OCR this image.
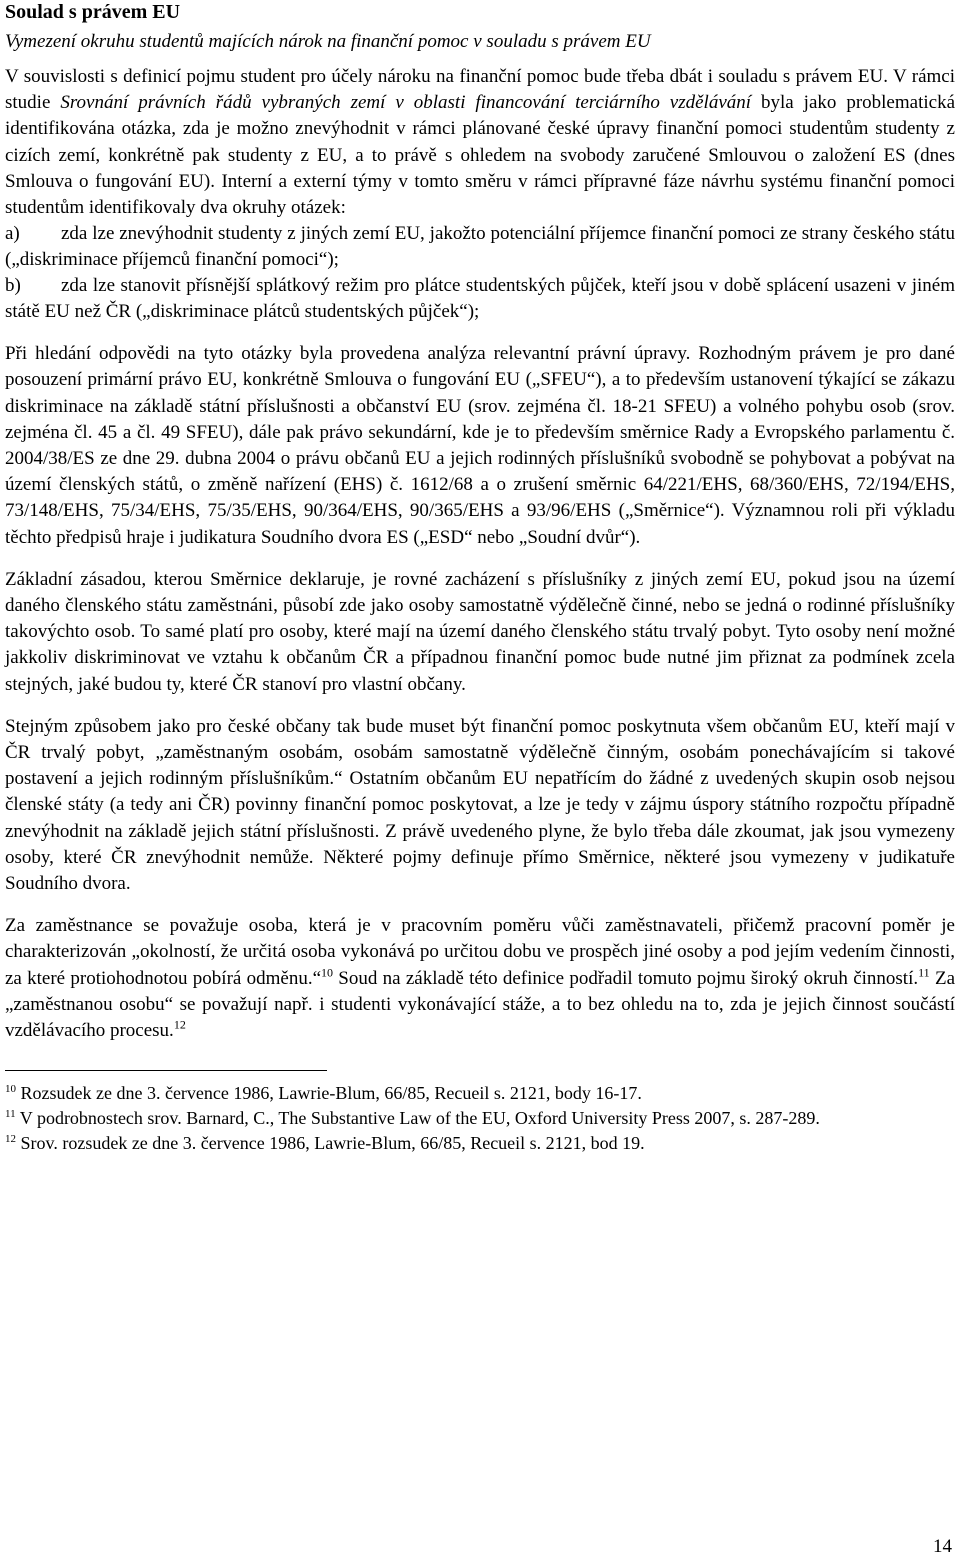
Soulad s právem EU

Vymezení okruhu studentů majících nárok na finanční pomoc v souladu s právem EU

V souvislosti s definicí pojmu student pro účely nároku na finanční pomoc bude třeba dbát i souladu s právem EU. V rámci studie Srovnání právních řádů vybraných zemí v oblasti financování terciárního vzdělávání byla jako problematická identifikována otázka, zda je možno znevýhodnit v rámci plánované české úpravy finanční pomoci studentům studenty z cizích zemí, konkrétně pak studenty z EU, a to právě s ohledem na svobody zaručené Smlouvou o založení ES (dnes Smlouva o fungování EU). Interní a externí týmy v tomto směru v rámci přípravné fáze návrhu systému finanční pomoci studentům identifikovaly dva okruhy otázek:

a) zda lze znevýhodnit studenty z jiných zemí EU, jakožto potenciální příjemce finanční pomoci ze strany českého státu („diskriminace příjemců finanční pomoci“);

b) zda lze stanovit přísnější splátkový režim pro plátce studentských půjček, kteří jsou v době splácení usazeni v jiném státě EU než ČR („diskriminace plátců studentských půjček“);

Při hledání odpovědi na tyto otázky byla provedena analýza relevantní právní úpravy. Rozhodným právem je pro dané posouzení primární právo EU, konkrétně Smlouva o fungování EU („SFEU“), a to především ustanovení týkající se zákazu diskriminace na základě státní příslušnosti a občanství EU (srov. zejména čl. 18-21 SFEU) a volného pohybu osob (srov. zejména čl. 45 a čl. 49 SFEU), dále pak právo sekundární, kde je to především směrnice Rady a Evropského parlamentu č. 2004/38/ES ze dne 29. dubna 2004 o právu občanů EU a jejich rodinných příslušníků svobodně se pohybovat a pobývat na území členských států, o změně nařízení (EHS) č. 1612/68 a o zrušení směrnic 64/221/EHS, 68/360/EHS, 72/194/EHS, 73/148/EHS, 75/34/EHS, 75/35/EHS, 90/364/EHS, 90/365/EHS a 93/96/EHS („Směrnice“). Významnou roli při výkladu těchto předpisů hraje i judikatura Soudního dvora ES („ESD“ nebo „Soudní dvůr“).

Základní zásadou, kterou Směrnice deklaruje, je rovné zacházení s příslušníky z jiných zemí EU, pokud jsou na území daného členského státu zaměstnáni, působí zde jako osoby samostatně výdělečně činné, nebo se jedná o rodinné příslušníky takovýchto osob. To samé platí pro osoby, které mají na území daného členského státu trvalý pobyt. Tyto osoby není možné jakkoliv diskriminovat ve vztahu k občanům ČR a případnou finanční pomoc bude nutné jim přiznat za podmínek zcela stejných, jaké budou ty, které ČR stanoví pro vlastní občany.

Stejným způsobem jako pro české občany tak bude muset být finanční pomoc poskytnuta všem občanům EU, kteří mají v ČR trvalý pobyt, „zaměstnaným osobám, osobám samostatně výdělečně činným, osobám ponechávajícím si takové postavení a jejich rodinným příslušníkům.“ Ostatním občanům EU nepatřícím do žádné z uvedených skupin osob nejsou členské státy (a tedy ani ČR) povinny finanční pomoc poskytovat, a lze je tedy v zájmu úspory státního rozpočtu případně znevýhodnit na základě jejich státní příslušnosti. Z právě uvedeného plyne, že bylo třeba dále zkoumat, jak jsou vymezeny osoby, které ČR znevýhodnit nemůže. Některé pojmy definuje přímo Směrnice, některé jsou vymezeny v judikatuře Soudního dvora.

Za zaměstnance se považuje osoba, která je v pracovním poměru vůči zaměstnavateli, přičemž pracovní poměr je charakterizován „okolností, že určitá osoba vykonává po určitou dobu ve prospěch jiné osoby a pod jejím vedením činnosti, za které protiohodnotou pobírá odměnu.“$^{10}$ Soud na základě této definice podřadil tomuto pojmu široký okruh činností.$^{11}$ Za „zaměstnanou osobu“ se považují např. i studenti vykonávající stáže, a to bez ohledu na to, zda je jejich činnost součástí vzdělávacího procesu.$^{12}$

$^{10}$ Rozsudek ze dne 3. července 1986, Lawrie-Blum, 66/85, Recueil s. 2121, body 16-17.

$^{11}$ V podrobnostech srov. Barnard, C., The Substantive Law of the EU, Oxford University Press 2007, s. 287-289.

$^{12}$ Srov. rozsudek ze dne 3. července 1986, Lawrie-Blum, 66/85, Recueil s. 2121, bod 19.

14
